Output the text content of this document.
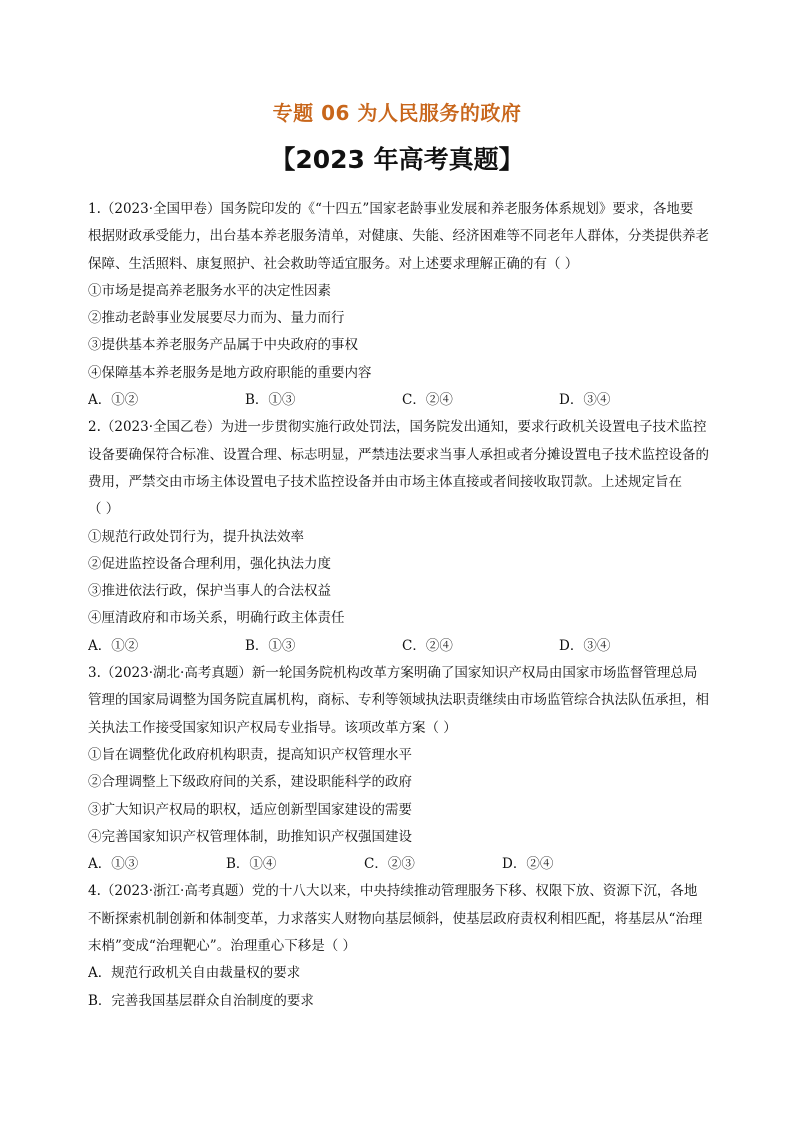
专题 06 为人民服务的政府
【2023 年高考真题】
1.（2023·全国甲卷）国务院印发的《“十四五”国家老龄事业发展和养老服务体系规划》要求，各地要
根据财政承受能力，出台基本养老服务清单，对健康、失能、经济困难等不同老年人群体，分类提供养老
保障、生活照料、康复照护、社会救助等适宜服务。对上述要求理解正确的有（ ）
①市场是提高养老服务水平的决定性因素
②推动老龄事业发展要尽力而为、量力而行
③提供基本养老服务产品属于中央政府的事权
④保障基本养老服务是地方政府职能的重要内容
A．①②	B．①③	C．②④	D．③④
2.（2023·全国乙卷）为进一步贯彻实施行政处罚法，国务院发出通知，要求行政机关设置电子技术监控
设备要确保符合标准、设置合理、标志明显，严禁违法要求当事人承担或者分摊设置电子技术监控设备的
费用，严禁交由市场主体设置电子技术监控设备并由市场主体直接或者间接收取罚款。上述规定旨在
（ ）
①规范行政处罚行为，提升执法效率
②促进监控设备合理利用，强化执法力度
③推进依法行政，保护当事人的合法权益
④厘清政府和市场关系，明确行政主体责任
A．①②	B．①③	C．②④	D．③④
3.（2023·湖北·高考真题）新一轮国务院机构改革方案明确了国家知识产权局由国家市场监督管理总局
管理的国家局调整为国务院直属机构，商标、专利等领域执法职责继续由市场监管综合执法队伍承担，相
关执法工作接受国家知识产权局专业指导。该项改革方案（ ）
①旨在调整优化政府机构职责，提高知识产权管理水平
②合理调整上下级政府间的关系，建设职能科学的政府
③扩大知识产权局的职权，适应创新型国家建设的需要
④完善国家知识产权管理体制，助推知识产权强国建设
A．①③	B．①④	C．②③	D．②④
4.（2023·浙江·高考真题）党的十八大以来，中央持续推动管理服务下移、权限下放、资源下沉，各地
不断探索机制创新和体制变革，力求落实人财物向基层倾斜，使基层政府责权利相匹配，将基层从“治理
末梢”变成“治理靶心”。治理重心下移是（ ）
A．规范行政机关自由裁量权的要求
B．完善我国基层群众自治制度的要求
